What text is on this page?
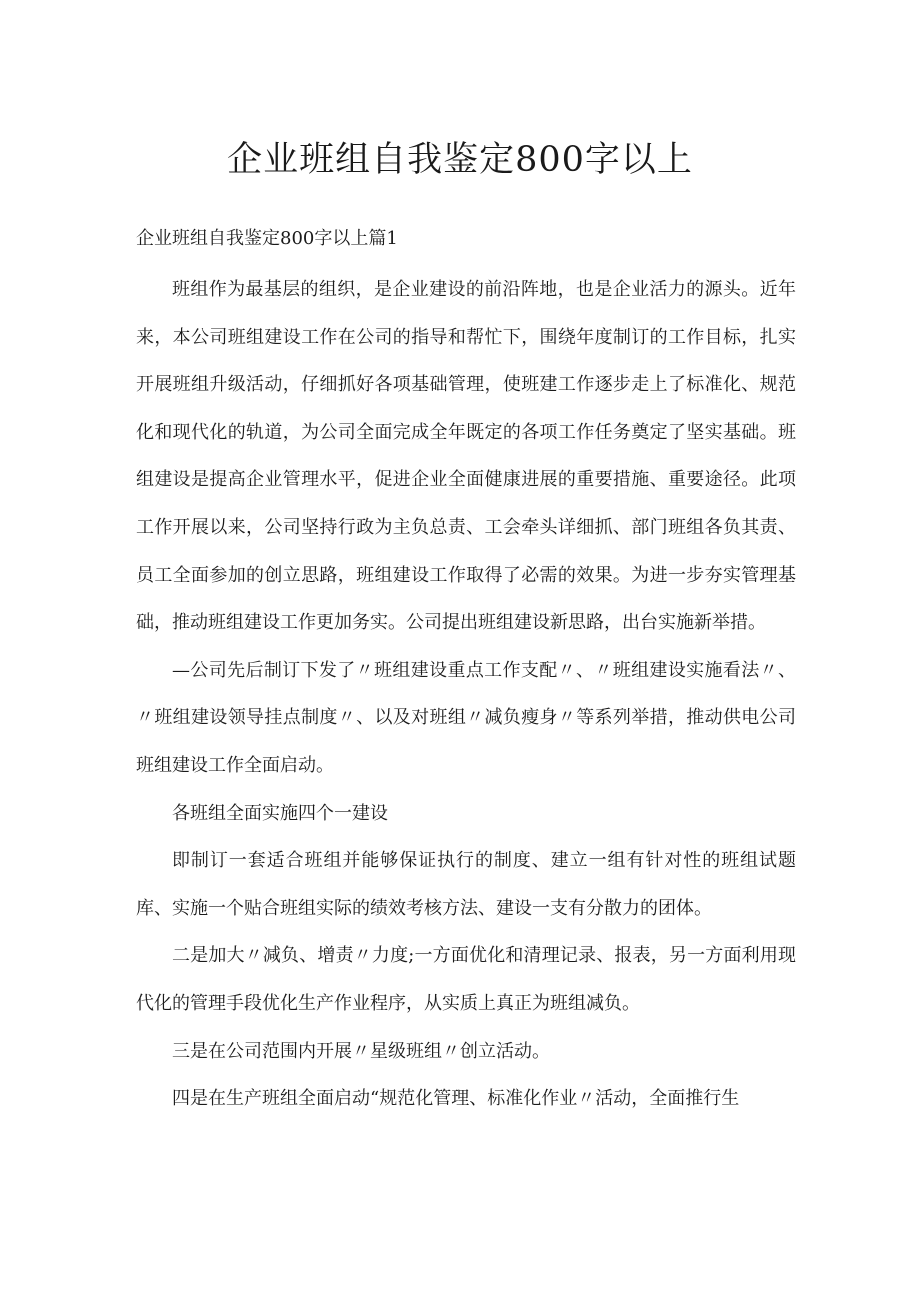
企业班组自我鉴定800字以上

企业班组自我鉴定800字以上篇1

班组作为最基层的组织，是企业建设的前沿阵地，也是企业活力的源头。近年来，本公司班组建设工作在公司的指导和帮忙下，围绕年度制订的工作目标，扎实开展班组升级活动，仔细抓好各项基础管理，使班建工作逐步走上了标准化、规范化和现代化的轨道，为公司全面完成全年既定的各项工作任务奠定了坚实基础。班组建设是提高企业管理水平，促进企业全面健康进展的重要措施、重要途径。此项工作开展以来，公司坚持行政为主负总责、工会牵头详细抓、部门班组各负其责、员工全面参加的创立思路，班组建设工作取得了必需的效果。为进一步夯实管理基础，推动班组建设工作更加务实。公司提出班组建设新思路，出台实施新举措。

—公司先后制订下发了〃班组建设重点工作支配〃、〃班组建设实施看法〃、〃班组建设领导挂点制度〃、以及对班组〃减负瘦身〃等系列举措，推动供电公司班组建设工作全面启动。

各班组全面实施四个一建设

即制订一套适合班组并能够保证执行的制度、建立一组有针对性的班组试题库、实施一个贴合班组实际的绩效考核方法、建设一支有分散力的团体。

二是加大〃减负、增责〃力度;一方面优化和清理记录、报表，另一方面利用现代化的管理手段优化生产作业程序，从实质上真正为班组减负。

三是在公司范围内开展〃星级班组〃创立活动。

四是在生产班组全面启动“规范化管理、标准化作业〃活动，全面推行生
